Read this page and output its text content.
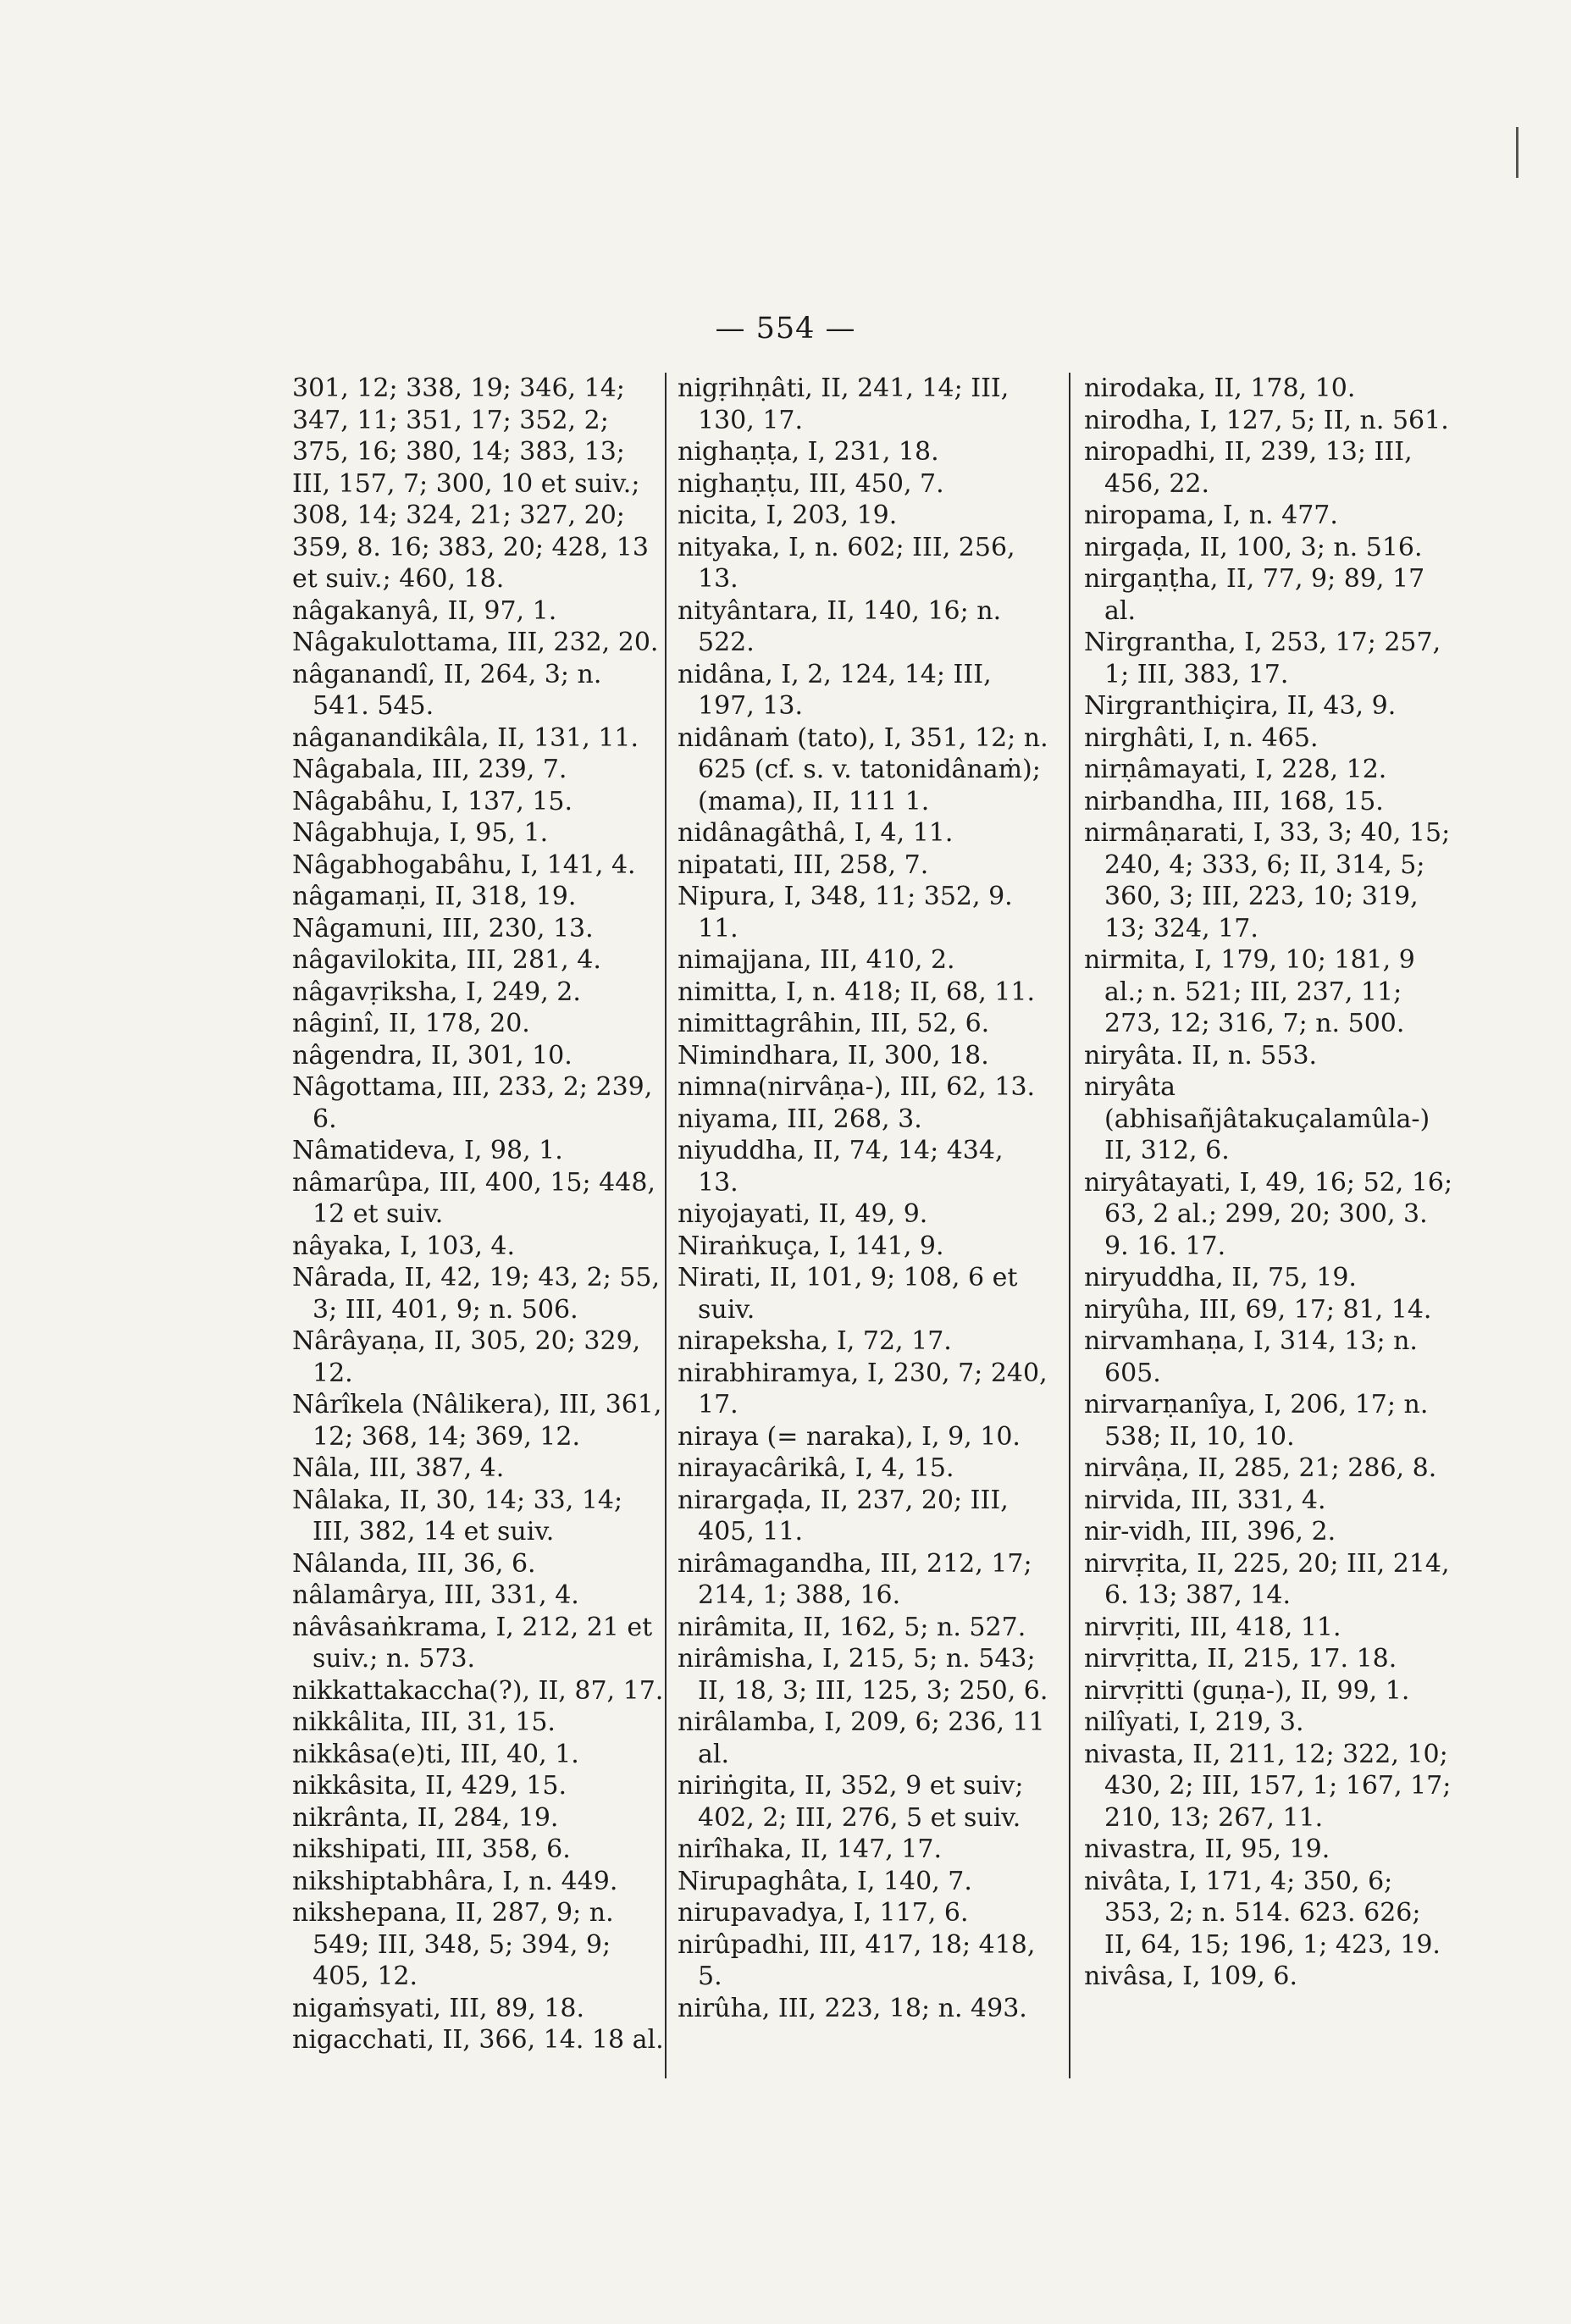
— 554 —
301, 12; 338, 19; 346, 14; 347, 11; 351, 17; 352, 2; 375, 16; 380, 14; 383, 13; III, 157, 7; 300, 10 et suiv.; 308, 14; 324, 21; 327, 20; 359, 8. 16; 383, 20; 428, 13 et suiv.; 460, 18.
nâgakanyâ, II, 97, 1.
Nâgakulottama, III, 232, 20.
nâganandî, II, 264, 3; n. 541. 545.
nâganandikâla, II, 131, 11.
Nâgabala, III, 239, 7.
Nâgabâhu, I, 137, 15.
Nâgabhuja, I, 95, 1.
Nâgabhogabâhu, I, 141, 4.
nâgamaṇi, II, 318, 19.
Nâgamuni, III, 230, 13.
nâgavilokita, III, 281, 4.
nâgavṛiksha, I, 249, 2.
nâginî, II, 178, 20.
nâgendra, II, 301, 10.
Nâgottama, III, 233, 2; 239, 6.
Nâmatideva, I, 98, 1.
nâmarûpa, III, 400, 15; 448, 12 et suiv.
nâyaka, I, 103, 4.
Nârada, II, 42, 19; 43, 2; 55, 3; III, 401, 9; n. 506.
Nârâyaṇa, II, 305, 20; 329, 12.
Nârîkela (Nâlikera), III, 361, 12; 368, 14; 369, 12.
Nâla, III, 387, 4.
Nâlaka, II, 30, 14; 33, 14; III, 382, 14 et suiv.
Nâlanda, III, 36, 6.
nâlamârya, III, 331, 4.
nâvâsaṅkrama, I, 212, 21 et suiv.; n. 573.
nikkattakaccha(?), II, 87, 17.
nikkâlita, III, 31, 15.
nikkâsa(e)ti, III, 40, 1.
nikkâsita, II, 429, 15.
nikrânta, II, 284, 19.
nikshipati, III, 358, 6.
nikshiptabhâra, I, n. 449.
nikshepana, II, 287, 9; n. 549; III, 348, 5; 394, 9; 405, 12.
nigaṁsyati, III, 89, 18.
nigacchati, II, 366, 14. 18 al.
nigṛihṇâti, II, 241, 14; III, 130, 17.
nighaṇṭa, I, 231, 18.
nighaṇṭu, III, 450, 7.
nicita, I, 203, 19.
nityaka, I, n. 602; III, 256, 13.
nityântara, II, 140, 16; n. 522.
nidâna, I, 2, 124, 14; III, 197, 13.
nidânaṁ (tato), I, 351, 12; n. 625 (cf. s. v. tatonidânaṁ); (mama), II, 111 1.
nidânagâthâ, I, 4, 11.
nipatati, III, 258, 7.
Nipura, I, 348, 11; 352, 9. 11.
nimajjana, III, 410, 2.
nimitta, I, n. 418; II, 68, 11.
nimittagrâhin, III, 52, 6.
Nimindhara, II, 300, 18.
nimna(nirvâṇa-), III, 62, 13.
niyama, III, 268, 3.
niyuddha, II, 74, 14; 434, 13.
niyojayati, II, 49, 9.
Niraṅkuça, I, 141, 9.
Nirati, II, 101, 9; 108, 6 et suiv.
nirapeksha, I, 72, 17.
nirabhiramya, I, 230, 7; 240, 17.
niraya (= naraka), I, 9, 10.
nirayacârikâ, I, 4, 15.
nirargaḍa, II, 237, 20; III, 405, 11.
nirâmagandha, III, 212, 17; 214, 1; 388, 16.
nirâmita, II, 162, 5; n. 527.
nirâmisha, I, 215, 5; n. 543; II, 18, 3; III, 125, 3; 250, 6.
nirâlamba, I, 209, 6; 236, 11 al.
niriṅgita, II, 352, 9 et suiv; 402, 2; III, 276, 5 et suiv.
nirîhaka, II, 147, 17.
Nirupaghâta, I, 140, 7.
nirupavadya, I, 117, 6.
nirûpadhi, III, 417, 18; 418, 5.
nirûha, III, 223, 18; n. 493.
nirodaka, II, 178, 10.
nirodha, I, 127, 5; II, n. 561.
niropadhi, II, 239, 13; III, 456, 22.
niropama, I, n. 477.
nirgaḍa, II, 100, 3; n. 516.
nirgaṇṭha, II, 77, 9; 89, 17 al.
Nirgrantha, I, 253, 17; 257, 1; III, 383, 17.
Nirgranthiçira, II, 43, 9.
nirghâti, I, n. 465.
nirṇâmayati, I, 228, 12.
nirbandha, III, 168, 15.
nirmâṇarati, I, 33, 3; 40, 15; 240, 4; 333, 6; II, 314, 5; 360, 3; III, 223, 10; 319, 13; 324, 17.
nirmita, I, 179, 10; 181, 9 al.; n. 521; III, 237, 11; 273, 12; 316, 7; n. 500.
niryâta. II, n. 553.
niryâta (abhisañjâtakuçalamûla-) II, 312, 6.
niryâtayati, I, 49, 16; 52, 16; 63, 2 al.; 299, 20; 300, 3. 9. 16. 17.
niryuddha, II, 75, 19.
niryûha, III, 69, 17; 81, 14.
nirvamhaṇa, I, 314, 13; n. 605.
nirvarṇanîya, I, 206, 17; n. 538; II, 10, 10.
nirvâṇa, II, 285, 21; 286, 8.
nirvida, III, 331, 4.
nir-vidh, III, 396, 2.
nirvṛita, II, 225, 20; III, 214, 6. 13; 387, 14.
nirvṛiti, III, 418, 11.
nirvṛitta, II, 215, 17. 18.
nirvṛitti (guṇa-), II, 99, 1.
nilîyati, I, 219, 3.
nivasta, II, 211, 12; 322, 10; 430, 2; III, 157, 1; 167, 17; 210, 13; 267, 11.
nivastra, II, 95, 19.
nivâta, I, 171, 4; 350, 6; 353, 2; n. 514. 623. 626; II, 64, 15; 196, 1; 423, 19.
nivâsa, I, 109, 6.
